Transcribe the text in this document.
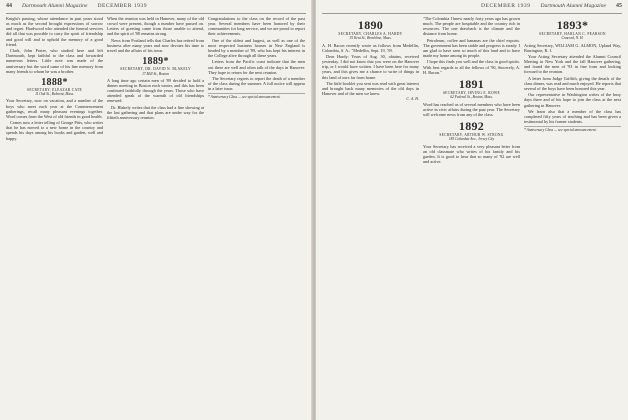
44 Dartmouth Alumni Magazine DECEMBER 1939

Knight's passing, whose attendance in past years stood as much as the second brought expressions of sorrow and regret. Hardwood who attended the funeral services did all that was possible to carry the spirit of friendship and good will and to uphold the memory of a good friend.

Clark, John Porter, who studied here and left Dartmouth, kept faithful to the class and forwarded numerous letters. Little note was made of the anniversary but the word came of his fine memory from many friends to whom he was a brother.

1888*
SECRETARY, ELEAZAR CATE
11 Oak St., Belmont, Mass.

Your Secretary, now on vacation, and a number of the boys who meet each year at the Commencement gatherings, recall many pleasant evenings together. Word comes from the West of old friends in good health.

Comes now a letter telling of George Pitts, who writes that he has moved to a new home in the country and spends his days among his books and garden, well and happy.

When the reunion was held in Hanover, many of the old crowd were present, though a number have passed on. Letters of greeting came from those unable to attend, and the spirit of '88 remains strong.

News from Portland tells that Charles has retired from business after many years and now devotes his time to travel and the affairs of his town.

1889*
SECRETARY, DR. DAVID N. BLAKELY
17 Mill St., Boston

A long time ago certain men of '89 decided to hold a dinner meeting in Boston each winter, and this has been continued faithfully through the years. Those who have attended speak of the warmth of old friendships renewed.

Dr. Blakely writes that the class had a fine showing at the last gathering and that plans are under way for the fiftieth anniversary reunion.

Congratulations to the class on the record of the past year. Several members have been honored by their communities for long service, and we are proud to report their achievements.

One of the oldest and largest, as well as one of the most respected business houses in New England is headed by a member of '89, who has kept his interest in the College alive through all these years.

Letters from the Pacific coast indicate that the men out there are well and often talk of the days in Hanover. They hope to return for the next reunion.

The Secretary regrets to report the death of a member of the class during the summer. A full notice will appear in a later issue.

* Anniversary Class — see special announcement.
DECEMBER 1939 Dartmouth Alumni Magazine 45
1890
SECRETARY, CHARLES A. HARDY
35 Kent St., Brookline, Mass.

A. H. Bacon recently wrote as follows from Medellin, Colombia, S. A.: "Medellin, Sept. 19, '39.

Dear Hardy: Years of Aug. 30, obtains, received yesterday. I did not know that you were on the Hanover trip, or I would have written. I have been here for many years, and this gives me a chance to write of things in this land of ours far from home.

The little booklet you sent was read with great interest and brought back many memories of the old days in Hanover and of the men we knew.

C. A. H.

"The Colombia I knew nearly forty years ago has grown much. The people are hospitable and the country rich in resources. The one drawback is the climate and the distance from home.

Petroleum, coffee and bananas are the chief exports. The government has been stable and progress is steady. I am glad to have seen so much of this land and to have made my home among its people.

I hope this finds you well and the class in good spirits. With best regards to all the fellows of '90, Sincerely, A. H. Bacon."

1891
SECRETARY, IRVING E. ROWE
62 Federal St., Boston, Mass.

Word has reached us of several members who have been active in civic affairs during the past year. The Secretary will welcome news from any of the class.

1892
SECRETARY, ARTHUR W. STRONG
185 Columbia Ave., Jersey City

Your Secretary has received a very pleasant letter from an old classmate who writes of his family and his garden. It is good to hear that so many of '92 are well and active.

1893*
SECRETARY, HARLAN C. PEARSON
Concord, N. H.

Acting Secretary, WILLIAM G. ALMON, Upland Way, Barrington, R. I.

Your Acting Secretary attended the Alumni Council Meeting in New York and the fall Hanover gathering, and found the men of '93 in fine form and looking forward to the reunion.

A letter from Judge Griffith, giving the details of the class dinner, was read and much enjoyed. He reports that several of the boys have been honored this year.

Our representative in Washington writes of the busy days there and of his hope to join the class at the next gathering in Hanover.

We learn also that a member of the class has completed fifty years of teaching and has been given a testimonial by his former students.

* Anniversary Class — see special announcement.
